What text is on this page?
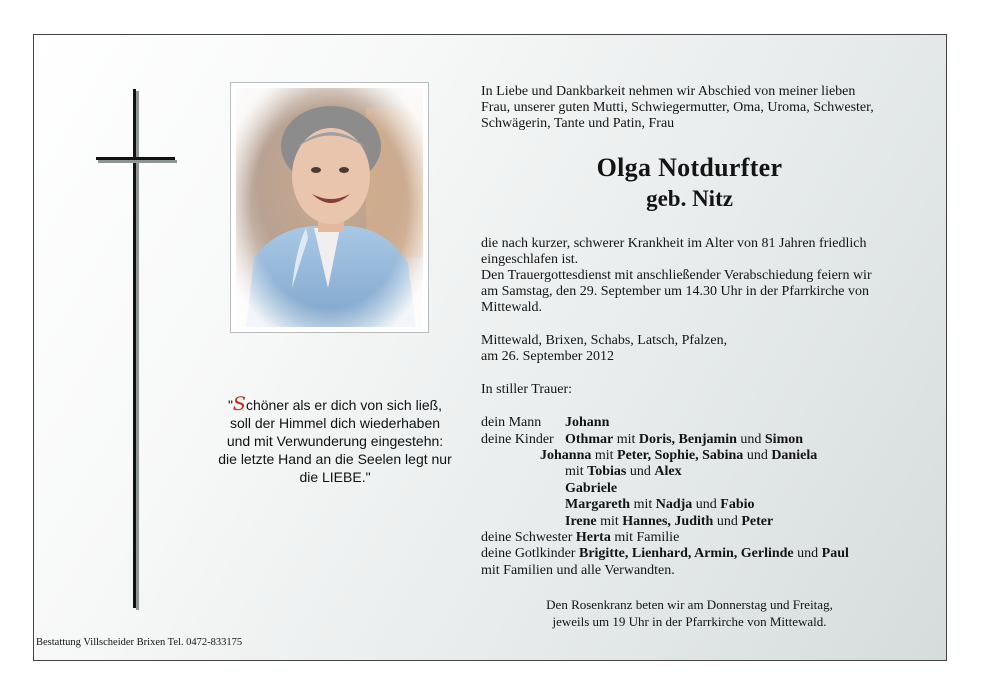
"Schöner als er dich von sich ließ,
soll der Himmel dich wiederhaben
und mit Verwunderung eingestehn:
die letzte Hand an die Seelen legt nur
die LIEBE."
In Liebe und Dankbarkeit nehmen wir Abschied von meiner lieben
Frau, unserer guten Mutti, Schwiegermutter, Oma, Uroma, Schwester,
Schwägerin, Tante und Patin, Frau
Olga Notdurfter
geb. Nitz
die nach kurzer, schwerer Krankheit im Alter von 81 Jahren friedlich
eingeschlafen ist.
Den Trauergottesdienst mit anschließender Verabschiedung feiern wir
am Samstag, den 29. September um 14.30 Uhr in der Pfarrkirche von
Mittewald.
Mittewald, Brixen, Schabs, Latsch, Pfalzen,
am 26. September 2012
In stiller Trauer:
dein Mann Johann
deine Kinder Othmar mit Doris, Benjamin und Simon
Johanna mit Peter, Sophie, Sabina und Daniela
mit Tobias und Alex
Gabriele
Margareth mit Nadja und Fabio
Irene mit Hannes, Judith und Peter
deine Schwester Herta mit Familie
deine Gotlkinder Brigitte, Lienhard, Armin, Gerlinde und Paul
mit Familien und alle Verwandten.
Den Rosenkranz beten wir am Donnerstag und Freitag,
jeweils um 19 Uhr in der Pfarrkirche von Mittewald.
Bestattung Villscheider Brixen Tel. 0472-833175
